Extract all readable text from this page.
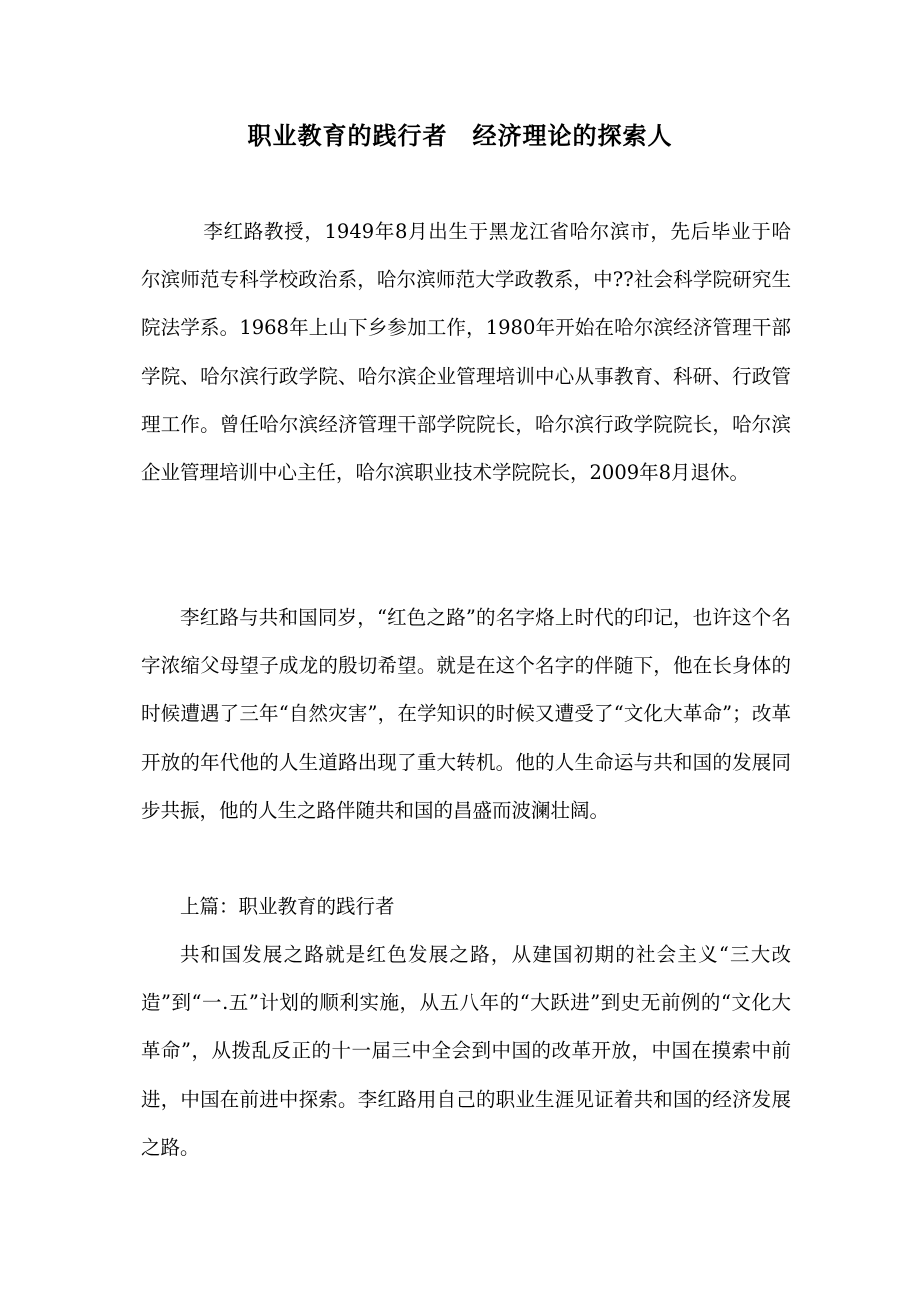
职业教育的践行者　经济理论的探索人

李红路教授，1949年8月出生于黑龙江省哈尔滨市，先后毕业于哈尔滨师范专科学校政治系，哈尔滨师范大学政教系，中??社会科学院研究生院法学系。1968年上山下乡参加工作，1980年开始在哈尔滨经济管理干部学院、哈尔滨行政学院、哈尔滨企业管理培训中心从事教育、科研、行政管理工作。曾任哈尔滨经济管理干部学院院长，哈尔滨行政学院院长，哈尔滨企业管理培训中心主任，哈尔滨职业技术学院院长，2009年8月退休。

李红路与共和国同岁，“红色之路”的名字烙上时代的印记，也许这个名字浓缩父母望子成龙的殷切希望。就是在这个名字的伴随下，他在长身体的时候遭遇了三年“自然灾害”，在学知识的时候又遭受了“文化大革命”；改革开放的年代他的人生道路出现了重大转机。他的人生命运与共和国的发展同步共振，他的人生之路伴随共和国的昌盛而波澜壮阔。

上篇：职业教育的践行者

共和国发展之路就是红色发展之路，从建国初期的社会主义“三大改造”到“一.五”计划的顺利实施，从五八年的“大跃进”到史无前例的“文化大革命”，从拨乱反正的十一届三中全会到中国的改革开放，中国在摸索中前进，中国在前进中探索。李红路用自己的职业生涯见证着共和国的经济发展之路。
